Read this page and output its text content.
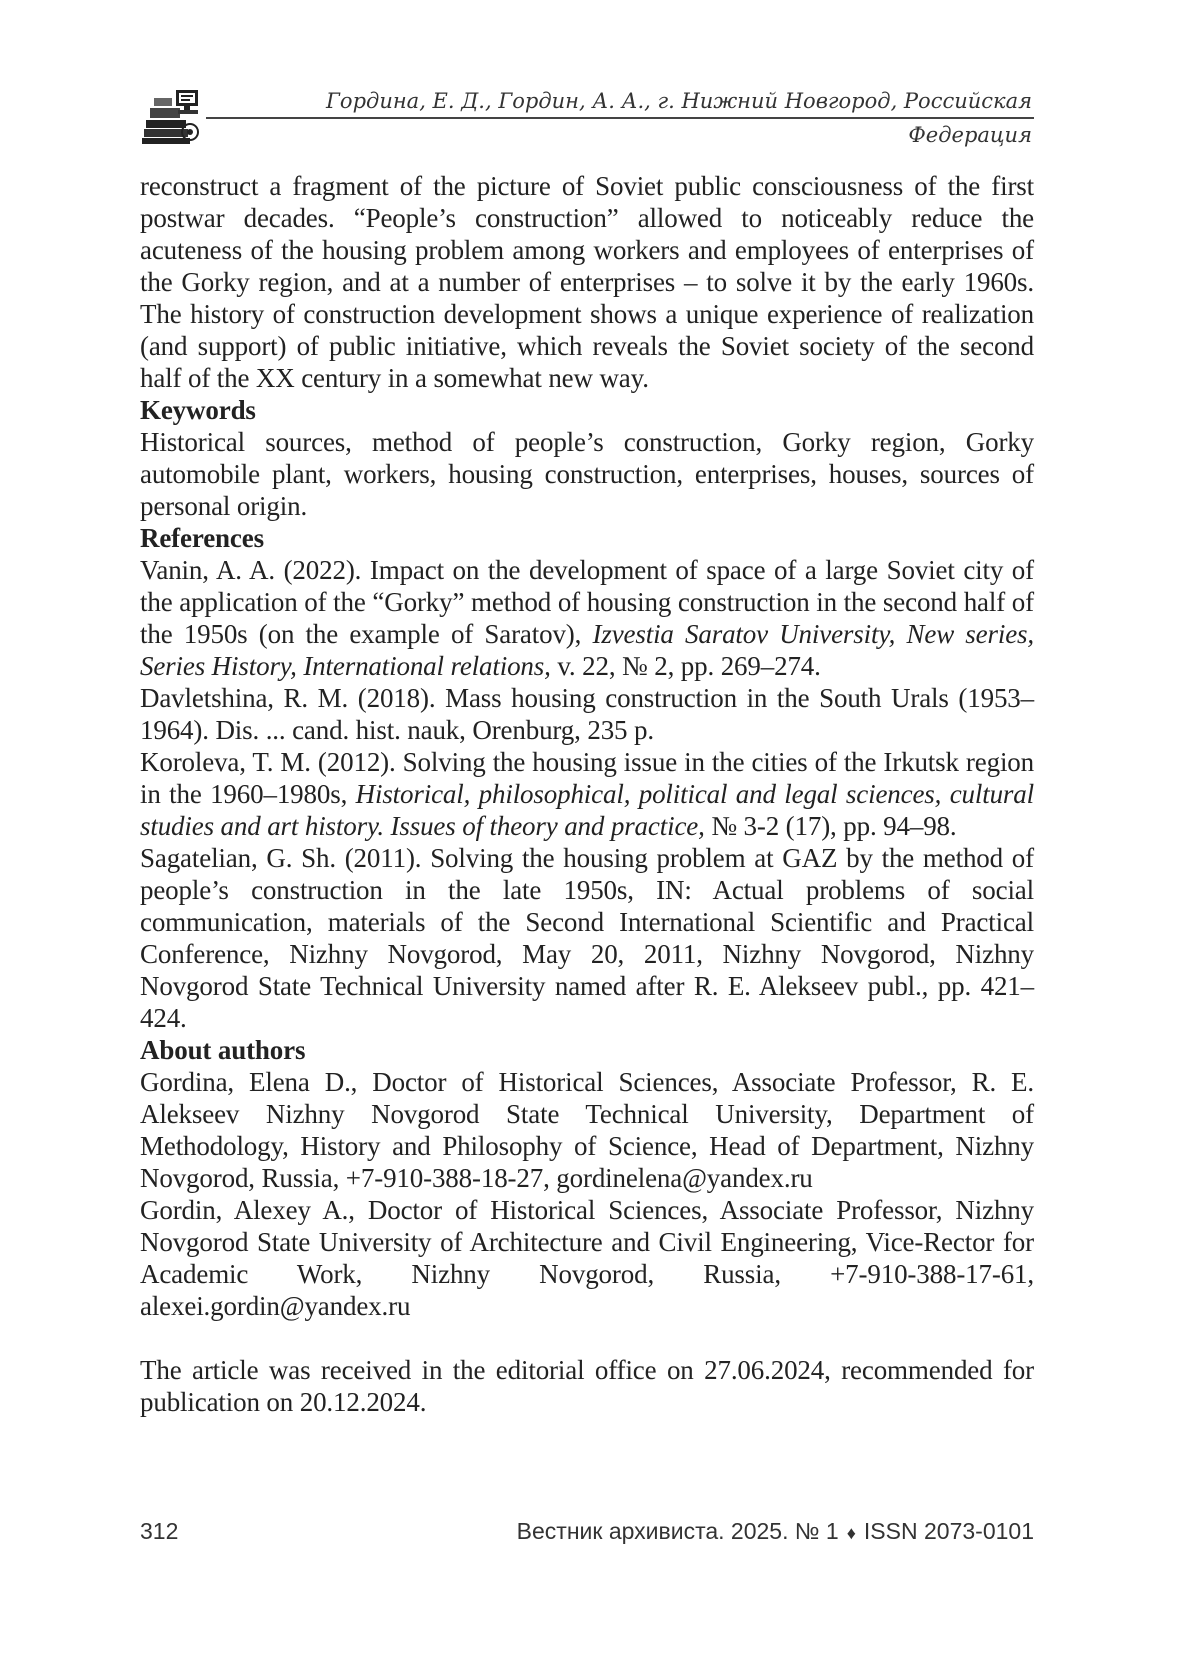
Гордина, Е. Д., Гордин, А. А., г. Нижний Новгород, Российская Федерация

reconstruct a fragment of the picture of Soviet public consciousness of the first postwar decades. “People’s construction” allowed to noticeably reduce the acuteness of the housing problem among workers and employees of enterprises of the Gorky region, and at a number of enterprises – to solve it by the early 1960s. The history of construction development shows a unique experience of realization (and support) of public initiative, which reveals the Soviet society of the second half of the XX century in a somewhat new way.

Keywords

Historical sources, method of people’s construction, Gorky region, Gorky automobile plant, workers, housing construction, enterprises, houses, sources of personal origin.

References

Vanin, A. A. (2022). Impact on the development of space of a large Soviet city of the application of the “Gorky” method of housing construction in the second half of the 1950s (on the example of Saratov), Izvestia Saratov University, New series, Series History, International relations, v. 22, № 2, pp. 269–274.

Davletshina, R. M. (2018). Mass housing construction in the South Urals (1953–1964). Dis. ... cand. hist. nauk, Orenburg, 235 p.

Koroleva, T. M. (2012). Solving the housing issue in the cities of the Irkutsk region in the 1960–1980s, Historical, philosophical, political and legal sciences, cultural studies and art history. Issues of theory and practice, № 3-2 (17), pp. 94–98.

Sagatelian, G. Sh. (2011). Solving the housing problem at GAZ by the method of people’s construction in the late 1950s, IN: Actual problems of social communication, materials of the Second International Scientific and Practical Conference, Nizhny Novgorod, May 20, 2011, Nizhny Novgorod, Nizhny Novgorod State Technical University named after R. E. Alekseev publ., pp. 421–424.

About authors

Gordina, Elena D., Doctor of Historical Sciences, Associate Professor, R. E. Alekseev Nizhny Novgorod State Technical University, Department of Methodology, History and Philosophy of Science, Head of Department, Nizhny Novgorod, Russia, +7-910-388-18-27, gordinelena@yandex.ru

Gordin, Alexey A., Doctor of Historical Sciences, Associate Professor, Nizhny Novgorod State University of Architecture and Civil Engineering, Vice-Rector for Academic Work, Nizhny Novgorod, Russia, +7-910-388-17-61, alexei.gordin@yandex.ru

The article was received in the editorial office on 27.06.2024, recommended for publication on 20.12.2024.

312	Вестник архивиста. 2025. № 1 ♦ ISSN 2073-0101
